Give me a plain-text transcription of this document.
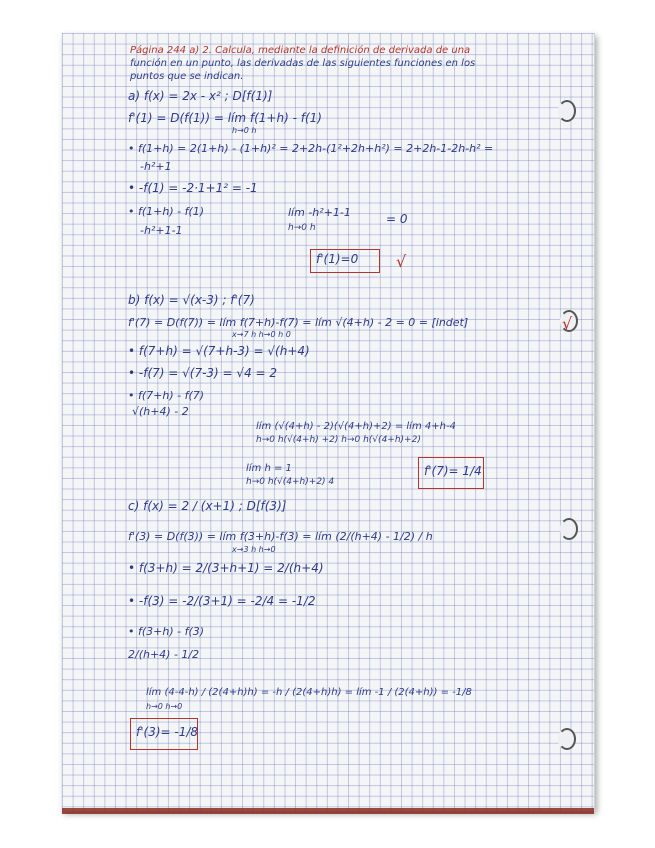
Página 244 a) 2. Calcula, mediante la definición de derivada de una
función en un punto, las derivadas de las siguientes funciones en los
puntos que se indican.
a) f(x) = 2x - x² ; D[f(1)]
f'(1) = D(f(1)) = lím f(1+h) - f(1)
h→0 h
• f(1+h) = 2(1+h) - (1+h)² = 2+2h-(1²+2h+h²) = 2+2h-1-2h-h² =
-h²+1
• -f(1) = -2·1+1² = -1
• f(1+h) - f(1)
-h²+1-1
lím -h²+1-1
h→0 h
= 0
f'(1)=0 √
b) f(x) = √(x-3) ; f'(7)
f'(7) = D(f(7)) = lím f(7+h)-f(7) = lím √(4+h) - 2 = 0 = [indet]
x→7 h h→0 h 0
• f(7+h) = √(7+h-3) = √(h+4)
• -f(7) = √(7-3) = √4 = 2
• f(7+h) - f(7)
√(h+4) - 2
lím (√(4+h) - 2)(√(4+h)+2) = lím 4+h-4
h→0 h(√(4+h) +2) h→0 h(√(4+h)+2)
lím h = 1
h→0 h(√(4+h)+2) 4
f'(7)= 1/4
√
c) f(x) = 2 / (x+1) ; D[f(3)]
f'(3) = D(f(3)) = lím f(3+h)-f(3) = lím (2/(h+4) - 1/2) / h
x→3 h h→0
• f(3+h) = 2/(3+h+1) = 2/(h+4)
• -f(3) = -2/(3+1) = -2/4 = -1/2
• f(3+h) - f(3)
2/(h+4) - 1/2
lím (4-4-h) / (2(4+h)h) = -h / (2(4+h)h) = lím -1 / (2(4+h)) = -1/8
h→0 h→0
f'(3)= -1/8
